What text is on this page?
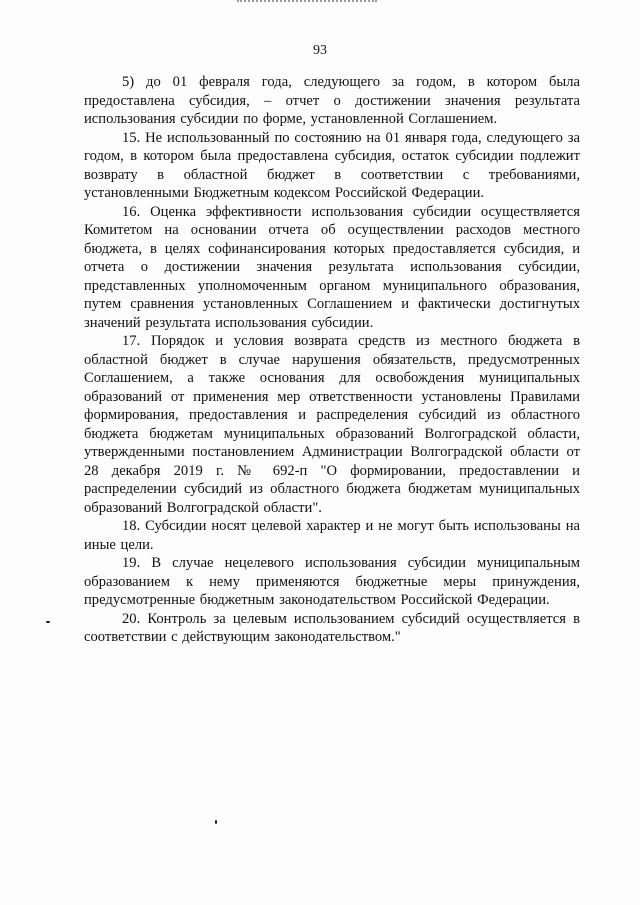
93

5) до 01 февраля года, следующего за годом, в котором была предоставлена субсидия, – отчет о достижении значения результата использования субсидии по форме, установленной Соглашением.

15. Не использованный по состоянию на 01 января года, следующего за годом, в котором была предоставлена субсидия, остаток субсидии подлежит возврату в областной бюджет в соответствии с требованиями, установленными Бюджетным кодексом Российской Федерации.

16. Оценка эффективности использования субсидии осуществляется Комитетом на основании отчета об осуществлении расходов местного бюджета, в целях софинансирования которых предоставляется субсидия, и отчета о достижении значения результата использования субсидии, представленных уполномоченным органом муниципального образования, путем сравнения установленных Соглашением и фактически достигнутых значений результата использования субсидии.

17. Порядок и условия возврата средств из местного бюджета в областной бюджет в случае нарушения обязательств, предусмотренных Соглашением, а также основания для освобождения муниципальных образований от применения мер ответственности установлены Правилами формирования, предоставления и распределения субсидий из областного бюджета бюджетам муниципальных образований Волгоградской области, утвержденными постановлением Администрации Волгоградской области от 28 декабря 2019 г. № 692-п "О формировании, предоставлении и распределении субсидий из областного бюджета бюджетам муниципальных образований Волгоградской области".

18. Субсидии носят целевой характер и не могут быть использованы на иные цели.

19. В случае нецелевого использования субсидии муниципальным образованием к нему применяются бюджетные меры принуждения, предусмотренные бюджетным законодательством Российской Федерации.

20. Контроль за целевым использованием субсидий осуществляется в соответствии с действующим законодательством."
